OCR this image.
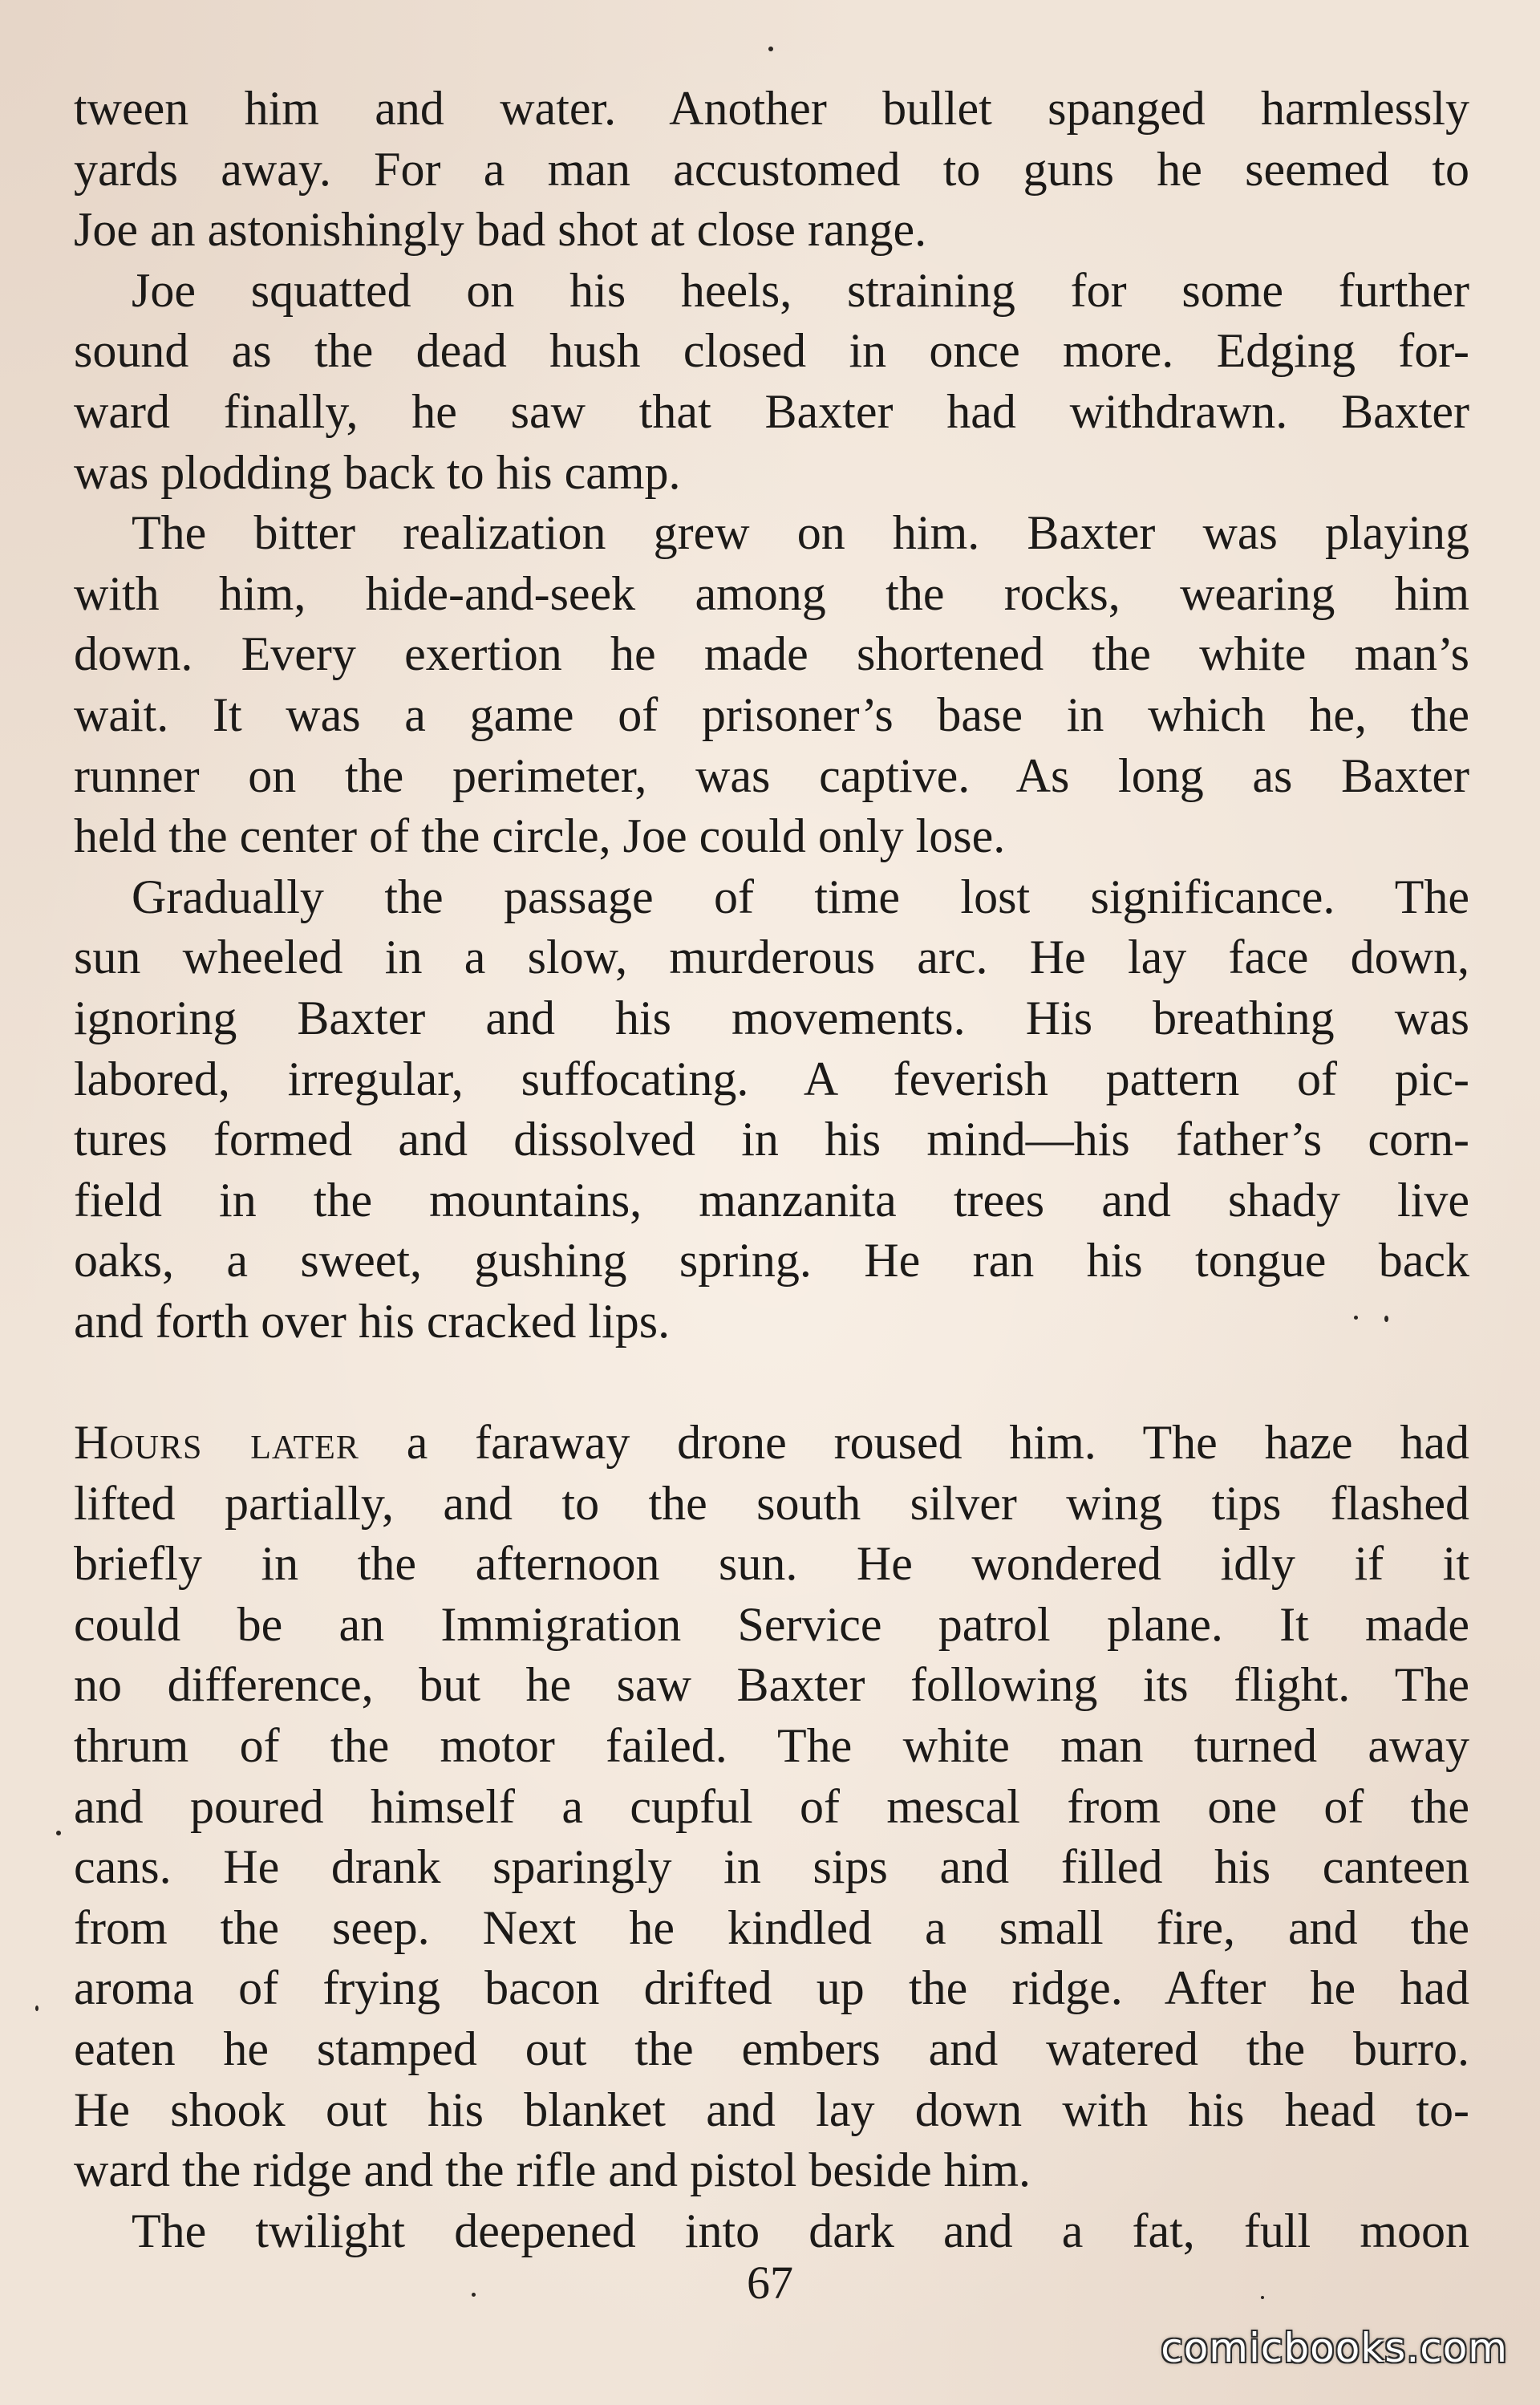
tween him and water. Another bullet spanged harmlessly
yards away. For a man accustomed to guns he seemed to
Joe an astonishingly bad shot at close range.
Joe squatted on his heels, straining for some further
sound as the dead hush closed in once more. Edging for-
ward finally, he saw that Baxter had withdrawn. Baxter
was plodding back to his camp.
The bitter realization grew on him. Baxter was playing
with him, hide-and-seek among the rocks, wearing him
down. Every exertion he made shortened the white man’s
wait. It was a game of prisoner’s base in which he, the
runner on the perimeter, was captive. As long as Baxter
held the center of the circle, Joe could only lose.
Gradually the passage of time lost significance. The
sun wheeled in a slow, murderous arc. He lay face down,
ignoring Baxter and his movements. His breathing was
labored, irregular, suffocating. A feverish pattern of pic-
tures formed and dissolved in his mind—his father’s corn-
field in the mountains, manzanita trees and shady live
oaks, a sweet, gushing spring. He ran his tongue back
and forth over his cracked lips.
Hours later a faraway drone roused him. The haze had
lifted partially, and to the south silver wing tips flashed
briefly in the afternoon sun. He wondered idly if it
could be an Immigration Service patrol plane. It made
no difference, but he saw Baxter following its flight. The
thrum of the motor failed. The white man turned away
and poured himself a cupful of mescal from one of the
cans. He drank sparingly in sips and filled his canteen
from the seep. Next he kindled a small fire, and the
aroma of frying bacon drifted up the ridge. After he had
eaten he stamped out the embers and watered the burro.
He shook out his blanket and lay down with his head to-
ward the ridge and the rifle and pistol beside him.
The twilight deepened into dark and a fat, full moon
67
comicbooks.com
